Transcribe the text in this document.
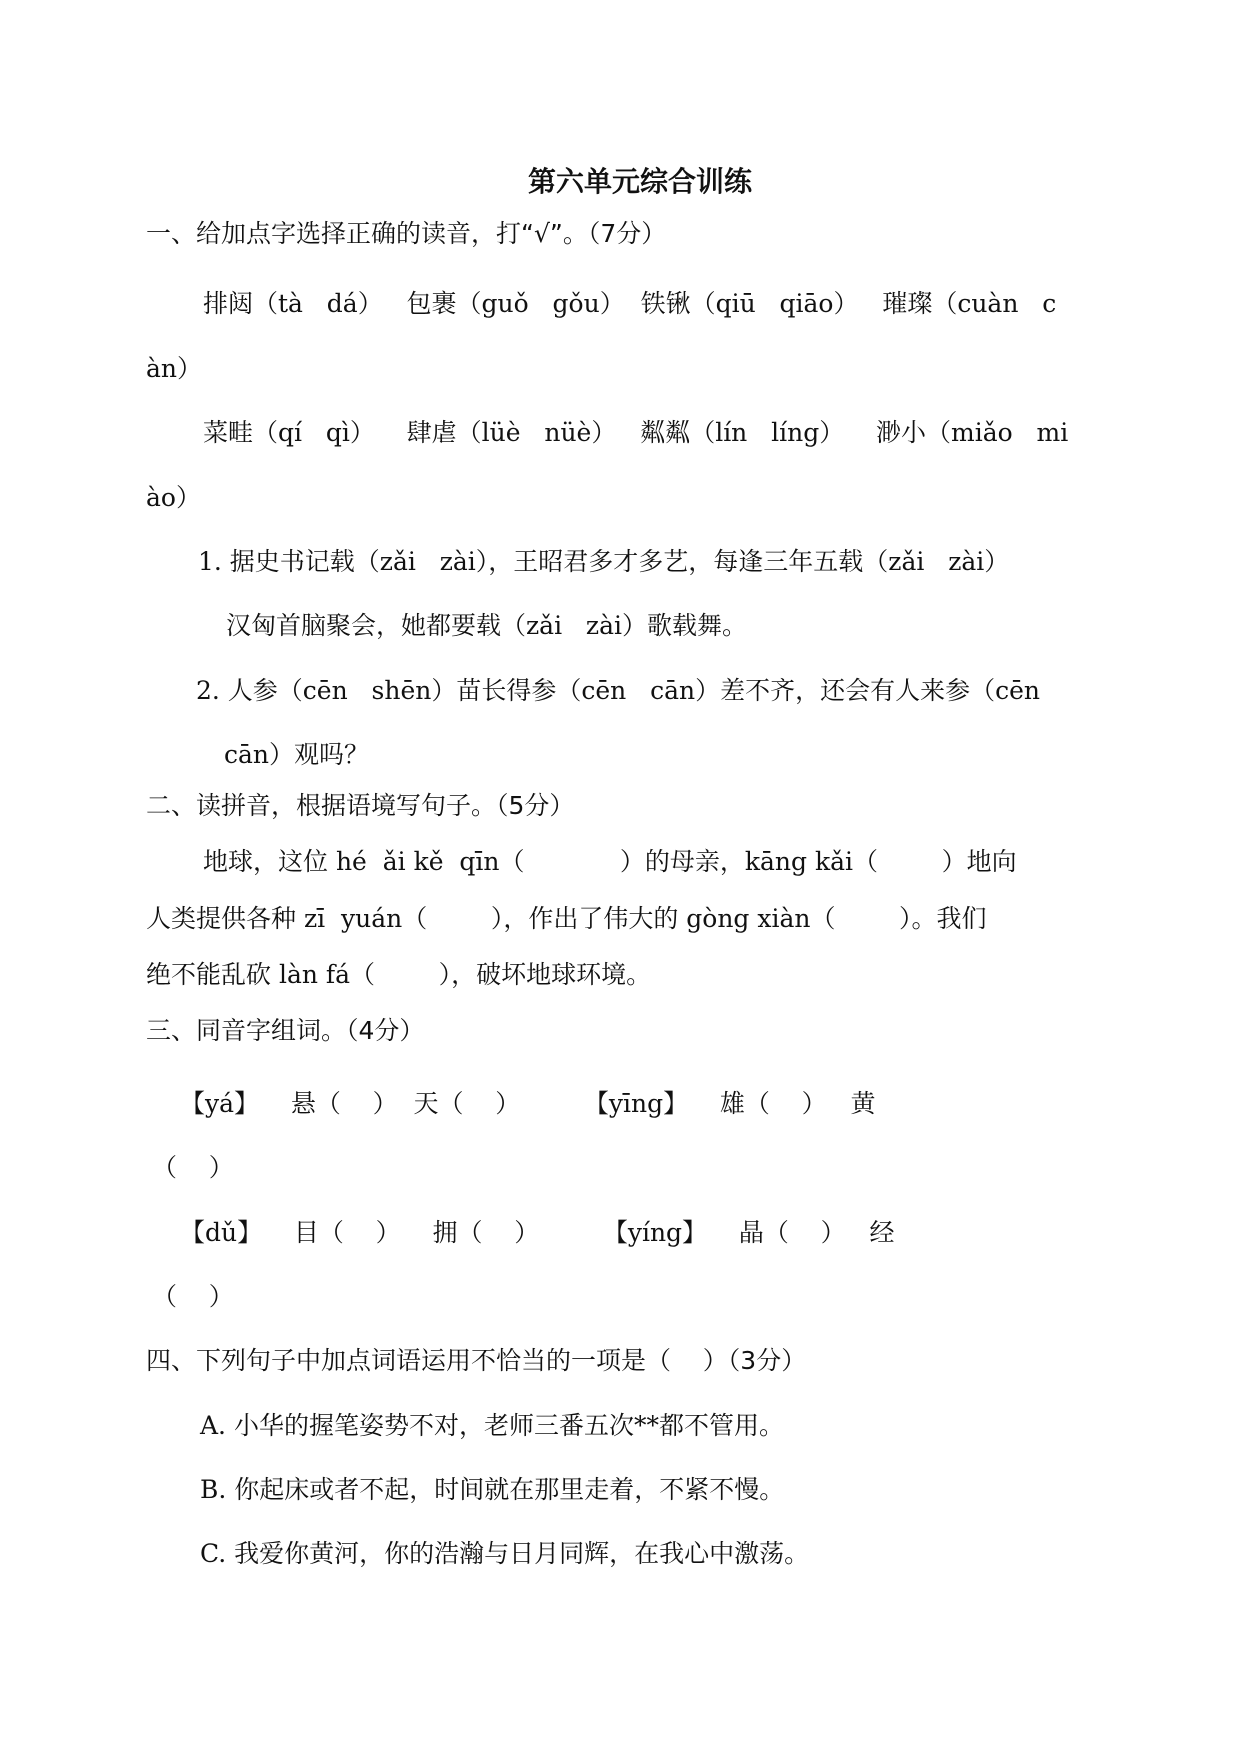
第六单元综合训练
一、给加点字选择正确的读音，打“√”。（7分）
排闼（tà   dá）   包裹（guǒ   gǒu）  铁锹（qiū   qiāo）   璀璨（cuàn   c
àn）
菜畦（qí   qì）    肆虐（lüè   nüè）   粼粼（lín   líng）    渺小（miǎo   mi
ào）
1. 据史书记载（zǎi   zài），王昭君多才多艺，每逢三年五载（zǎi   zài）
汉匈首脑聚会，她都要载（zǎi   zài）歌载舞。
2. 人参（cēn   shēn）苗长得参（cēn   cān）差不齐，还会有人来参（cēn
cān）观吗？
二、读拼音，根据语境写句子。（5分）
地球，这位 hé  ǎi kě  qīn（            ）的母亲，kāng kǎi（        ）地向
人类提供各种 zī  yuán（        ），作出了伟大的 gòng xiàn（        ）。我们
绝不能乱砍 làn fá（        ），破坏地球环境。
三、同音字组词。（4分）
【yá】    悬（    ）  天（    ）        【yīng】    雄（    ）   黄
（    ）
【dǔ】    目（    ）    拥（    ）        【yíng】    晶（    ）   经
（    ）
四、下列句子中加点词语运用不恰当的一项是（    ）（3分）
A. 小华的握笔姿势不对，老师三番五次**都不管用。
B. 你起床或者不起，时间就在那里走着，不紧不慢。
C. 我爱你黄河，你的浩瀚与日月同辉，在我心中激荡。
